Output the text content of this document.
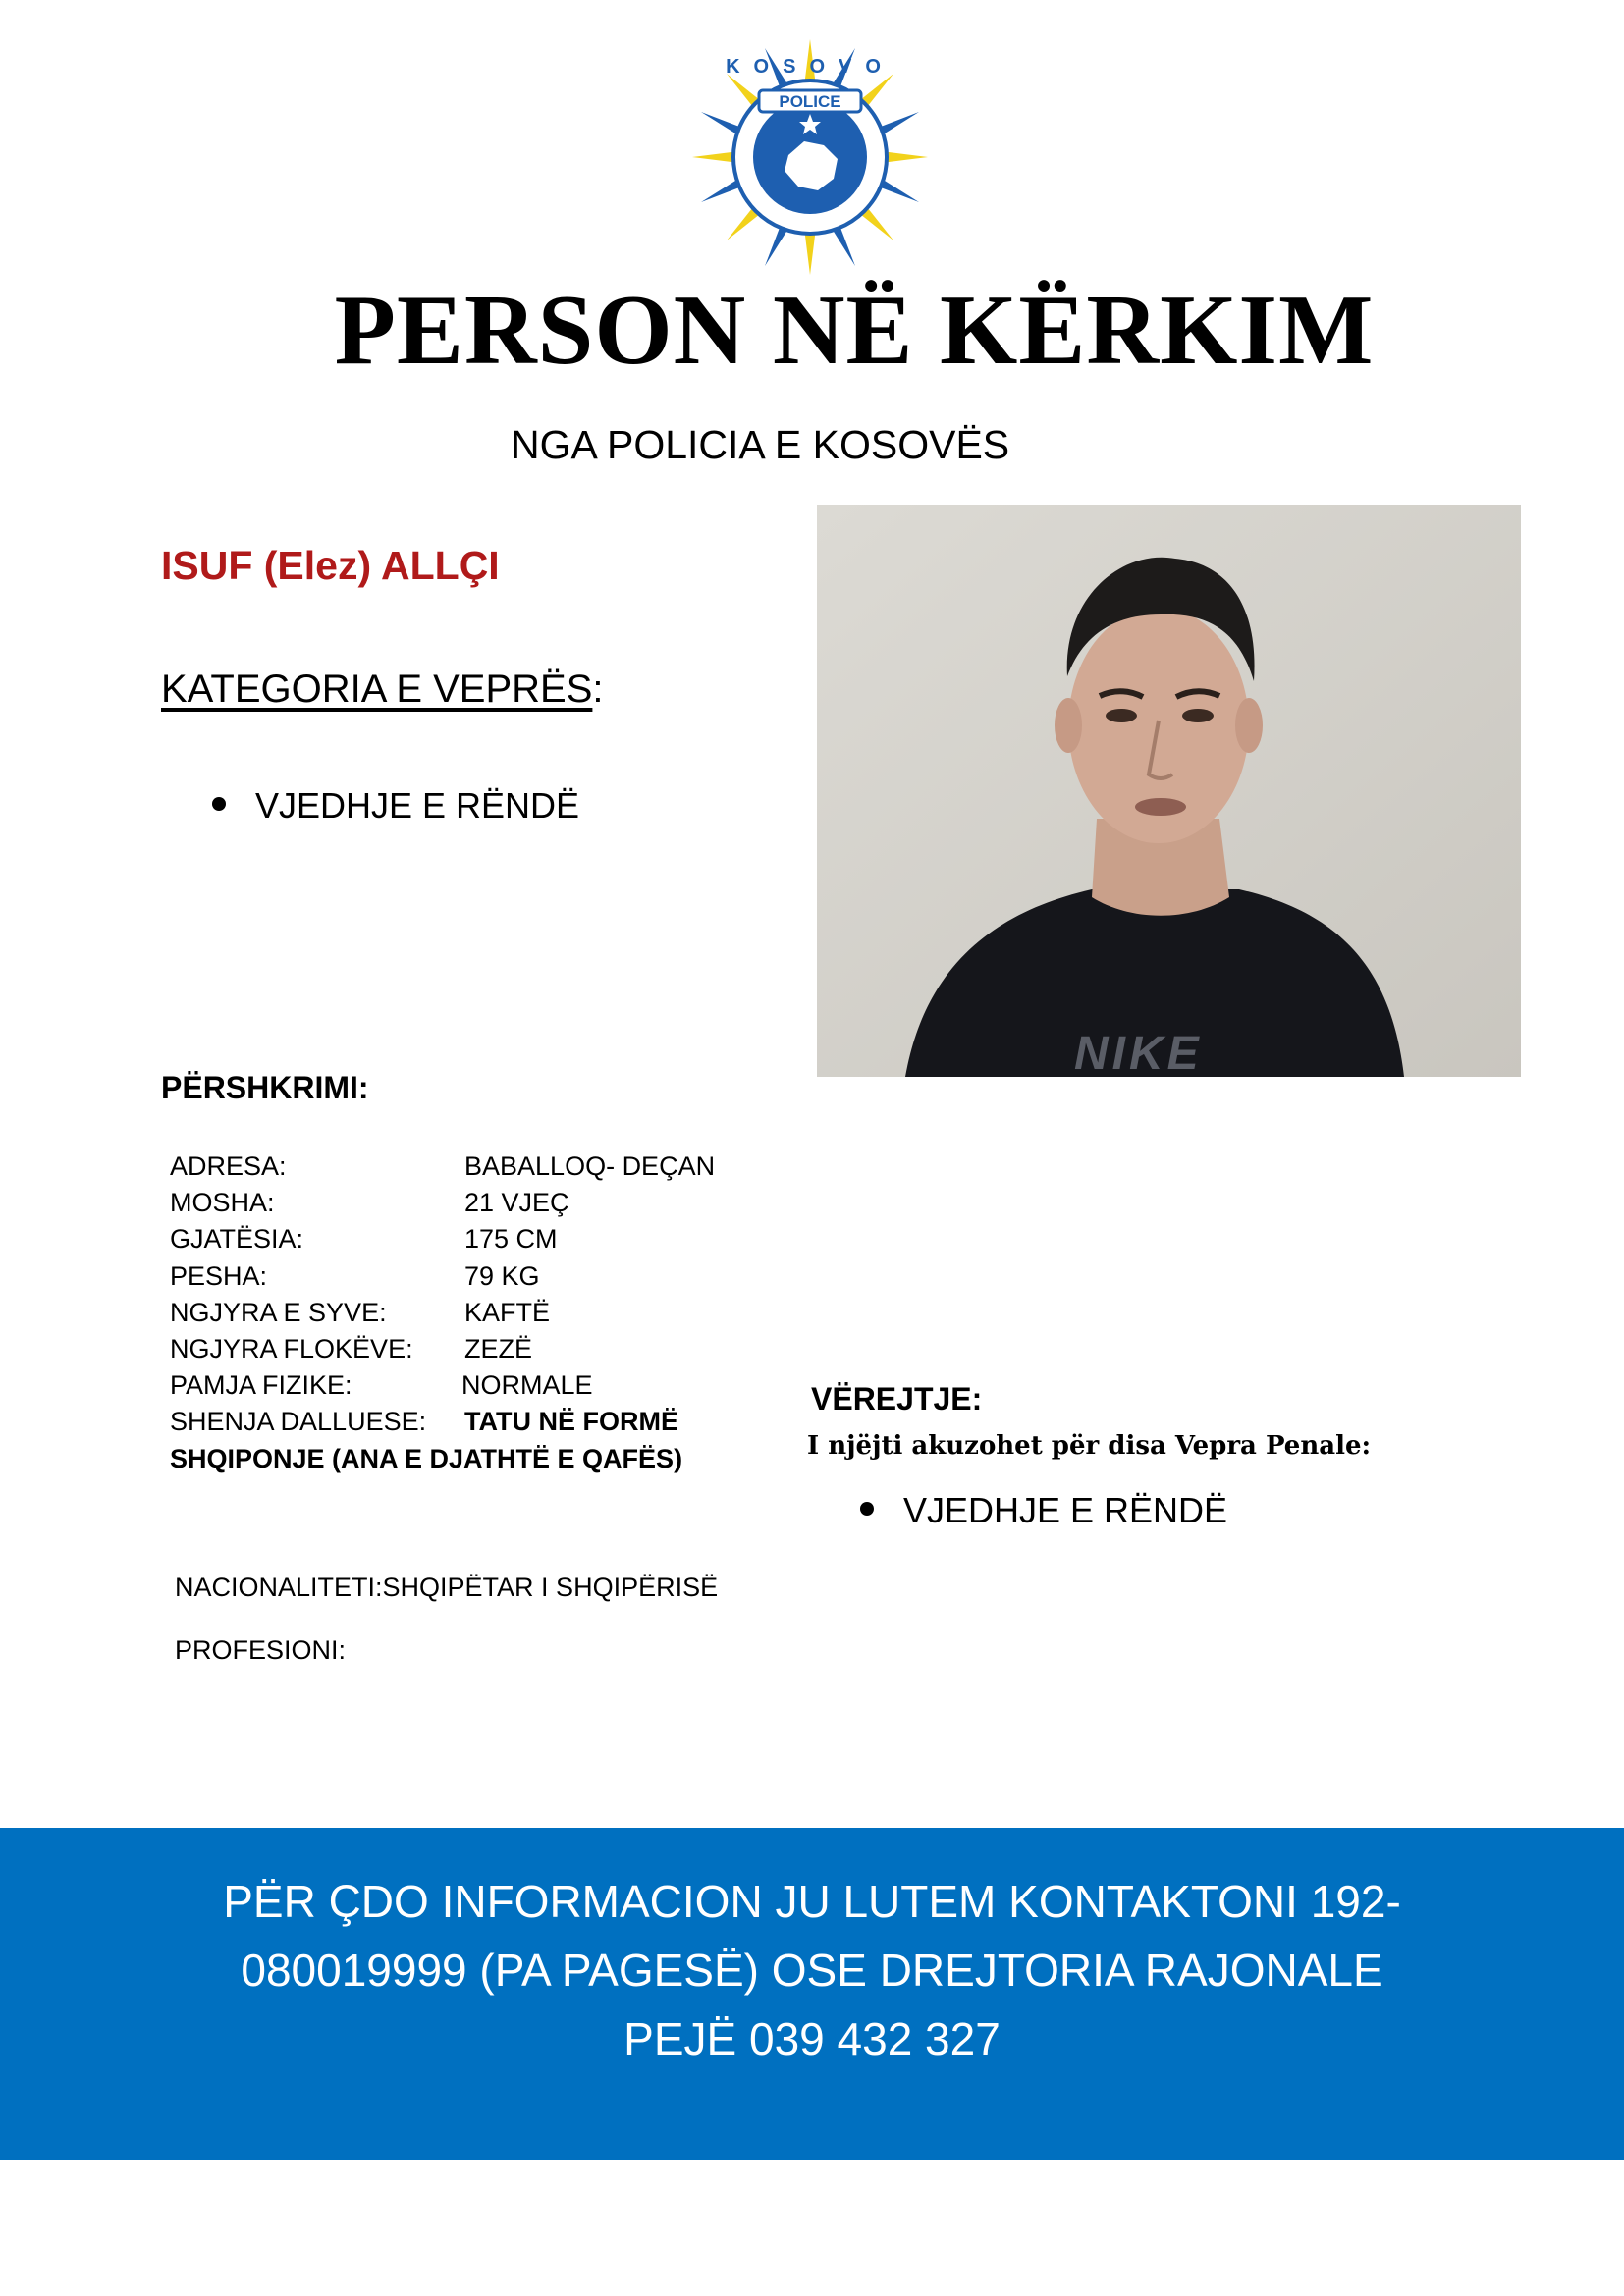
POLICE
KOSOVO
PERSON NË KËRKIM
NGA POLICIA E KOSOVËS
ISUF (Elez) ALLÇI
KATEGORIA E VEPRËS:
VJEDHJE E RËNDË
NIKE
PËRSHKRIMI:
ADRESA:	BABALLOQ- DEÇAN
MOSHA:	21 VJEÇ
GJATËSIA:	175 CM
PESHA:	79 KG
NGJYRA E SYVE:	KAFTË
NGJYRA FLOKËVE: ZEZË
PAMJA FIZIKE:	NORMALE
SHENJA DALLUESE: TATU NË FORMË
SHQIPONJE (ANA E DJATHTË E QAFËS)
NACIONALITETI:SHQIPËTAR I SHQIPËRISË
PROFESIONI:
VËREJTJE:
I njëjti akuzohet për disa Vepra Penale:
VJEDHJE E RËNDË
PËR ÇDO INFORMACION JU LUTEM KONTAKTONI 192-
080019999 (PA PAGESË) OSE DREJTORIA RAJONALE
PEJË 039 432 327
